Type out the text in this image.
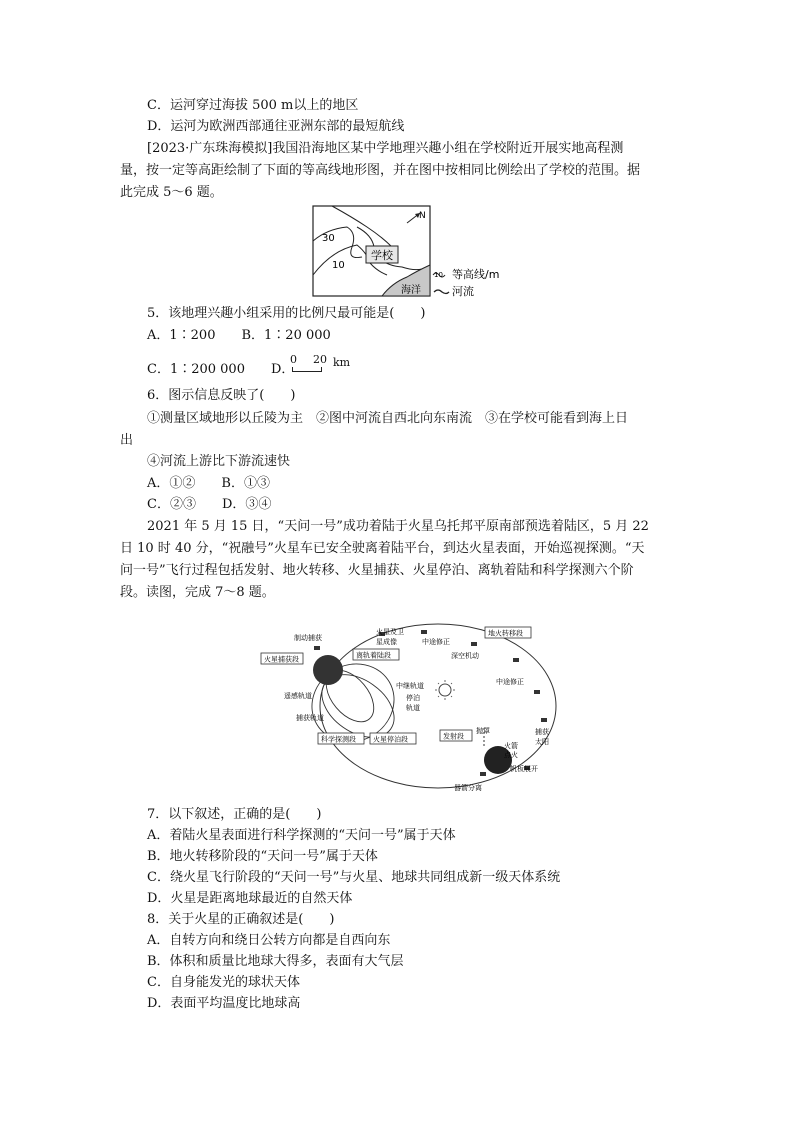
C．运河穿过海拔 500 m以上的地区
D．运河为欧洲西部通往亚洲东部的最短航线
[2023·广东珠海模拟]我国沿海地区某中学地理兴趣小组在学校附近开展实地高程测
量，按一定等高距绘制了下面的等高线地形图，并在图中按相同比例绘出了学校的范围。据
此完成 5～6 题。
学校
30
10
海洋
N
10 等高线/m
河流
5．该地理兴趣小组采用的比例尺最可能是(　　)
A．1∶200　　B．1∶20 000
C．1∶200 000　　D．
0 20 km
6．图示信息反映了(　　)
①测量区域地形以丘陵为主　②图中河流自西北向东南流　③在学校可能看到海上日
出
④河流上游比下游流速快
A．①②　　B．①③
C．②③　　D．③④
2021 年 5 月 15 日，“天问一号”成功着陆于火星乌托邦平原南部预选着陆区，5 月 22
日 10 时 40 分，“祝融号”火星车已安全驶离着陆平台，到达火星表面，开始巡视探测。“天
问一号”飞行过程包括发射、地火转移、火星捕获、火星停泊、离轨着陆和科学探测六个阶
段。读图，完成 7～8 题。
制动捕获
火星捕获段
火星及卫
星成像	中途修正
地火转移段
离轨着陆段	深空机动
中途修正
中继轨道
停泊
轨道
遥感轨道
捕获轨道
科学探测段 火星停泊段	发射段
抛罩
火箭
点火
捕获
太阳
帆板展开
器箭分离
7．以下叙述，正确的是(　　)
A．着陆火星表面进行科学探测的“天问一号”属于天体
B．地火转移阶段的“天问一号”属于天体
C．绕火星飞行阶段的“天问一号”与火星、地球共同组成新一级天体系统
D．火星是距离地球最近的自然天体
8．关于火星的正确叙述是(　　)
A．自转方向和绕日公转方向都是自西向东
B．体积和质量比地球大得多，表面有大气层
C．自身能发光的球状天体
D．表面平均温度比地球高
